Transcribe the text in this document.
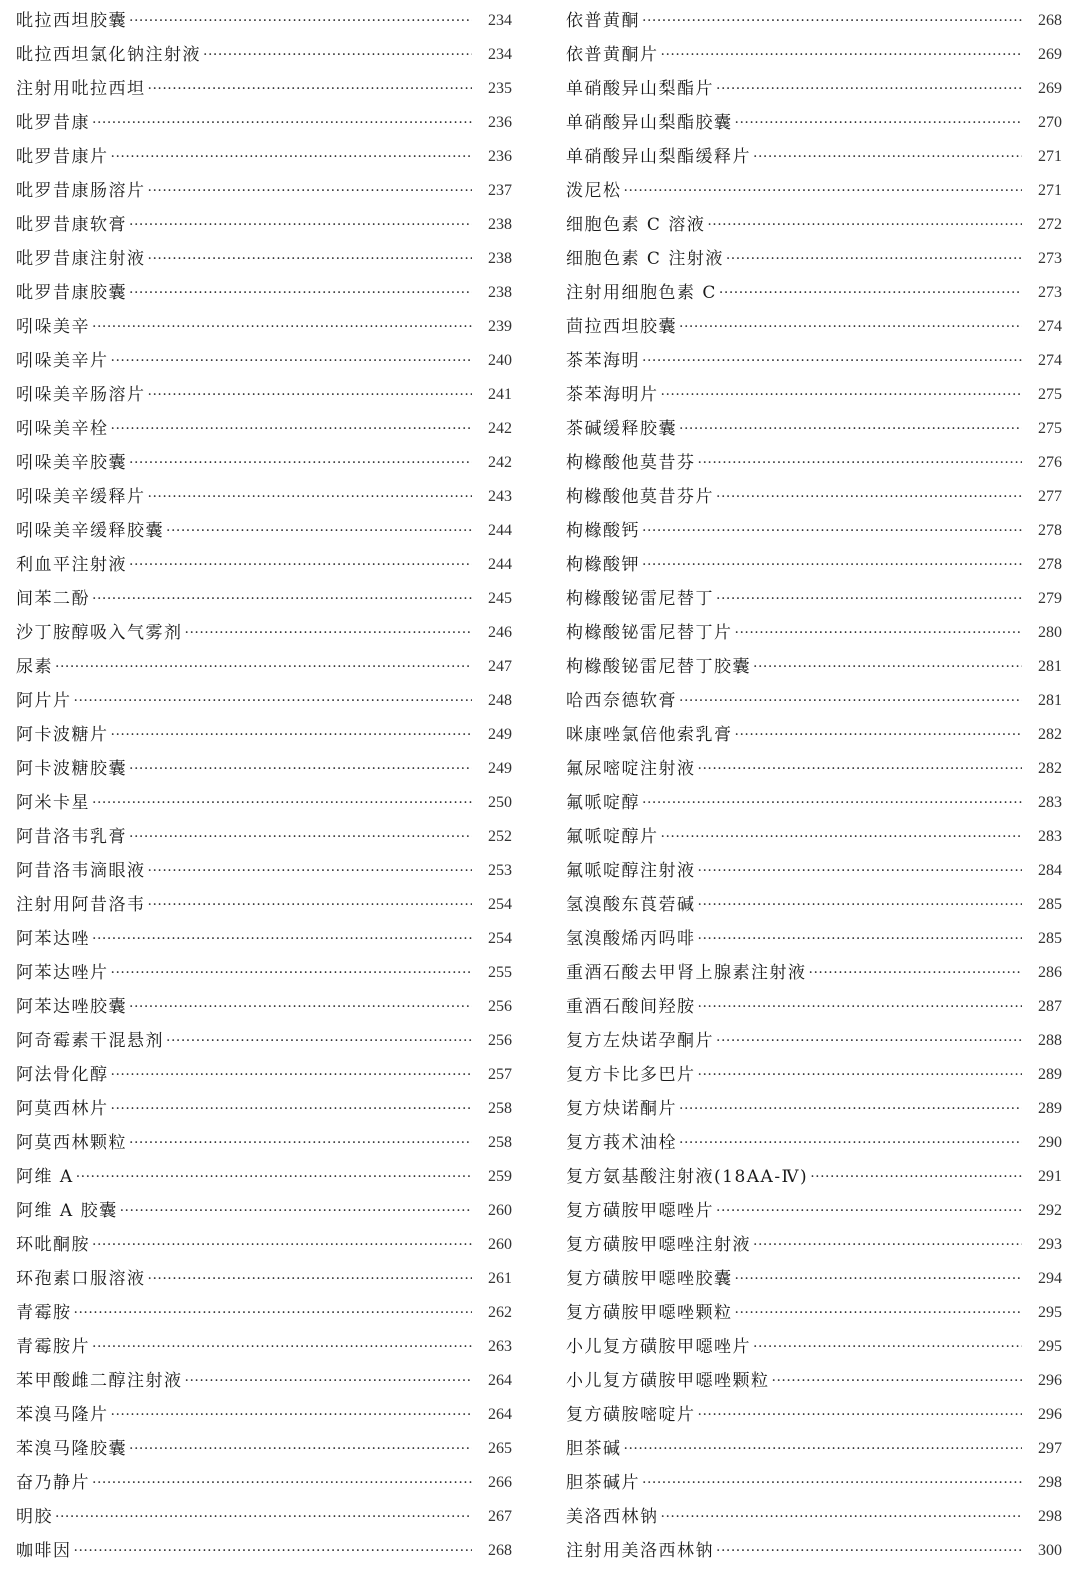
吡拉西坦胶囊 ·····	234
吡拉西坦氯化钠注射液 ·····	234
注射用吡拉西坦 ·····	235
吡罗昔康 ·····	236
吡罗昔康片 ·····	236
吡罗昔康肠溶片 ·····	237
吡罗昔康软膏 ·····	238
吡罗昔康注射液 ·····	238
吡罗昔康胶囊 ·····	238
吲哚美辛 ·····	239
吲哚美辛片 ·····	240
吲哚美辛肠溶片 ·····	241
吲哚美辛栓 ·····	242
吲哚美辛胶囊 ·····	242
吲哚美辛缓释片 ·····	243
吲哚美辛缓释胶囊 ·····	244
利血平注射液 ·····	244
间苯二酚 ·····	245
沙丁胺醇吸入气雾剂 ·····	246
尿素 ·····	247
阿片片 ·····	248
阿卡波糖片 ·····	249
阿卡波糖胶囊 ·····	249
阿米卡星 ·····	250
阿昔洛韦乳膏 ·····	252
阿昔洛韦滴眼液 ·····	253
注射用阿昔洛韦 ·····	254
阿苯达唑 ·····	254
阿苯达唑片 ·····	255
阿苯达唑胶囊 ·····	256
阿奇霉素干混悬剂 ·····	256
阿法骨化醇 ·····	257
阿莫西林片 ·····	258
阿莫西林颗粒 ·····	258
阿维 A ·····	259
阿维 A 胶囊 ·····	260
环吡酮胺 ·····	260
环孢素口服溶液 ·····	261
青霉胺 ·····	262
青霉胺片 ·····	263
苯甲酸雌二醇注射液 ·····	264
苯溴马隆片 ·····	264
苯溴马隆胶囊 ·····	265
奋乃静片 ·····	266
明胶 ·····	267
咖啡因 ·····	268
依普黄酮 ·····	268
依普黄酮片 ·····	269
单硝酸异山梨酯片 ·····	269
单硝酸异山梨酯胶囊 ·····	270
单硝酸异山梨酯缓释片 ·····	271
泼尼松 ·····	271
细胞色素 C 溶液 ·····	272
细胞色素 C 注射液 ·····	273
注射用细胞色素 C ·····	273
茴拉西坦胶囊 ·····	274
茶苯海明 ·····	274
茶苯海明片 ·····	275
茶碱缓释胶囊 ·····	275
枸橼酸他莫昔芬 ·····	276
枸橼酸他莫昔芬片 ·····	277
枸橼酸钙 ·····	278
枸橼酸钾 ·····	278
枸橼酸铋雷尼替丁 ·····	279
枸橼酸铋雷尼替丁片 ·····	280
枸橼酸铋雷尼替丁胶囊 ·····	281
哈西奈德软膏 ·····	281
咪康唑氯倍他索乳膏 ·····	282
氟尿嘧啶注射液 ·····	282
氟哌啶醇 ·····	283
氟哌啶醇片 ·····	283
氟哌啶醇注射液 ·····	284
氢溴酸东莨菪碱 ·····	285
氢溴酸烯丙吗啡 ·····	285
重酒石酸去甲肾上腺素注射液 ·····	286
重酒石酸间羟胺 ·····	287
复方左炔诺孕酮片 ·····	288
复方卡比多巴片 ·····	289
复方炔诺酮片 ·····	289
复方莪术油栓 ·····	290
复方氨基酸注射液(18AA-Ⅳ) ·····	291
复方磺胺甲噁唑片 ·····	292
复方磺胺甲噁唑注射液 ·····	293
复方磺胺甲噁唑胶囊 ·····	294
复方磺胺甲噁唑颗粒 ·····	295
小儿复方磺胺甲噁唑片 ·····	295
小儿复方磺胺甲噁唑颗粒 ·····	296
复方磺胺嘧啶片 ·····	296
胆茶碱 ·····	297
胆茶碱片 ·····	298
美洛西林钠 ·····	298
注射用美洛西林钠 ·····	300
